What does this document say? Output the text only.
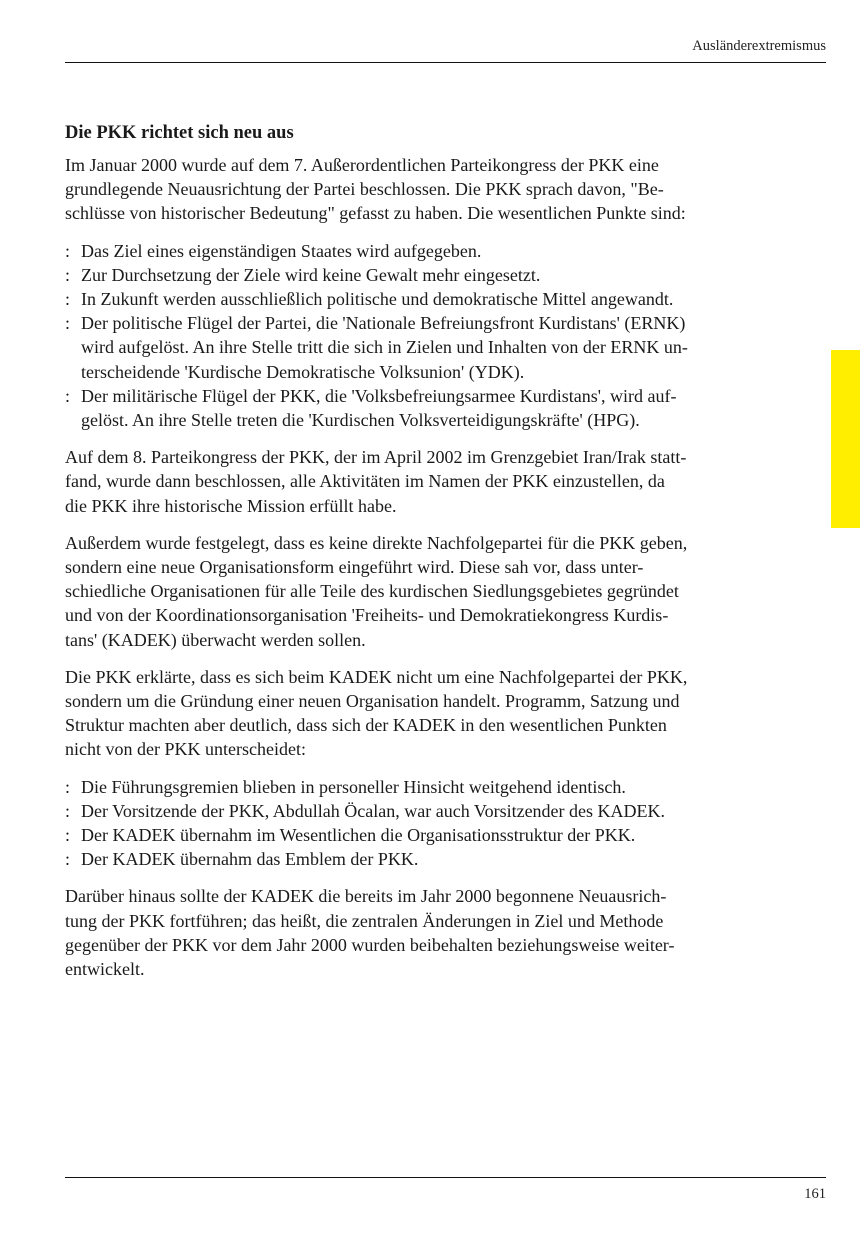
Ausländerextremismus
Die PKK richtet sich neu aus

Im Januar 2000 wurde auf dem 7. Außerordentlichen Parteikongress der PKK eine
grundlegende Neuausrichtung der Partei beschlossen. Die PKK sprach davon, "Be-
schlüsse von historischer Bedeutung" gefasst zu haben. Die wesentlichen Punkte sind:

: Das Ziel eines eigenständigen Staates wird aufgegeben.
: Zur Durchsetzung der Ziele wird keine Gewalt mehr eingesetzt.
: In Zukunft werden ausschließlich politische und demokratische Mittel angewandt.
: Der politische Flügel der Partei, die 'Nationale Befreiungsfront Kurdistans' (ERNK)
wird aufgelöst. An ihre Stelle tritt die sich in Zielen und Inhalten von der ERNK un-
terscheidende 'Kurdische Demokratische Volksunion' (YDK).
: Der militärische Flügel der PKK, die 'Volksbefreiungsarmee Kurdistans', wird auf-
gelöst. An ihre Stelle treten die 'Kurdischen Volksverteidigungskräfte' (HPG).

Auf dem 8. Parteikongress der PKK, der im April 2002 im Grenzgebiet Iran/Irak statt-
fand, wurde dann beschlossen, alle Aktivitäten im Namen der PKK einzustellen, da
die PKK ihre historische Mission erfüllt habe.

Außerdem wurde festgelegt, dass es keine direkte Nachfolgepartei für die PKK geben,
sondern eine neue Organisationsform eingeführt wird. Diese sah vor, dass unter-
schiedliche Organisationen für alle Teile des kurdischen Siedlungsgebietes gegründet
und von der Koordinationsorganisation 'Freiheits- und Demokratiekongress Kurdis-
tans' (KADEK) überwacht werden sollen.

Die PKK erklärte, dass es sich beim KADEK nicht um eine Nachfolgepartei der PKK,
sondern um die Gründung einer neuen Organisation handelt. Programm, Satzung und
Struktur machten aber deutlich, dass sich der KADEK in den wesentlichen Punkten
nicht von der PKK unterscheidet:

: Die Führungsgremien blieben in personeller Hinsicht weitgehend identisch.
: Der Vorsitzende der PKK, Abdullah Öcalan, war auch Vorsitzender des KADEK.
: Der KADEK übernahm im Wesentlichen die Organisationsstruktur der PKK.
: Der KADEK übernahm das Emblem der PKK.

Darüber hinaus sollte der KADEK die bereits im Jahr 2000 begonnene Neuausrich-
tung der PKK fortführen; das heißt, die zentralen Änderungen in Ziel und Methode
gegenüber der PKK vor dem Jahr 2000 wurden beibehalten beziehungsweise weiter-
entwickelt.

161
